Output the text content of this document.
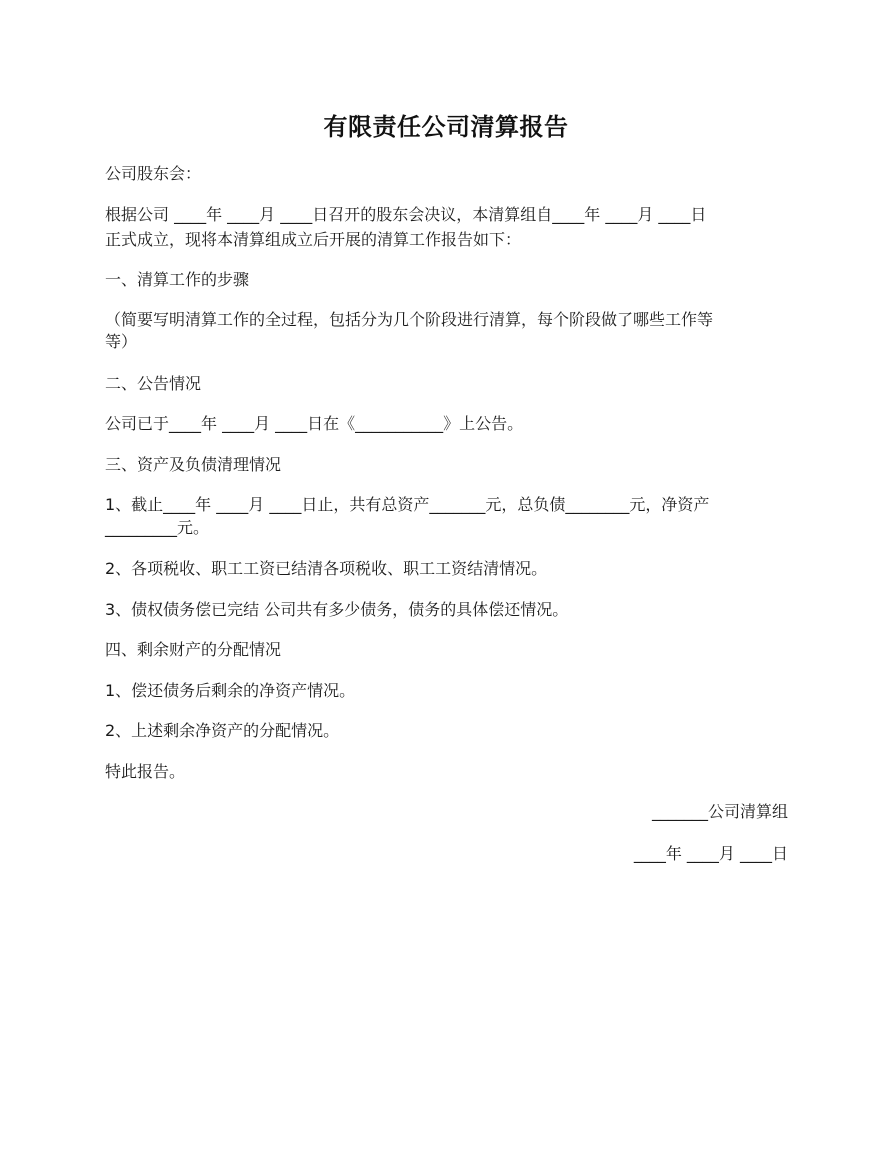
有限责任公司清算报告
公司股东会：
根据公司 ____年 ____月 ____日召开的股东会决议，本清算组自____年 ____月 ____日
正式成立，现将本清算组成立后开展的清算工作报告如下：
一、清算工作的步骤
（简要写明清算工作的全过程，包括分为几个阶段进行清算，每个阶段做了哪些工作等
等）
二、公告情况
公司已于____年 ____月 ____日在《___________》上公告。
三、资产及负债清理情况
1、截止____年 ____月 ____日止，共有总资产_______元，总负债________元，净资产
_________元。
2、各项税收、职工工资已结清各项税收、职工工资结清情况。
3、债权债务偿已完结 公司共有多少债务，债务的具体偿还情况。
四、剩余财产的分配情况
1、偿还债务后剩余的净资产情况。
2、上述剩余净资产的分配情况。
特此报告。
_______公司清算组
____年 ____月 ____日
